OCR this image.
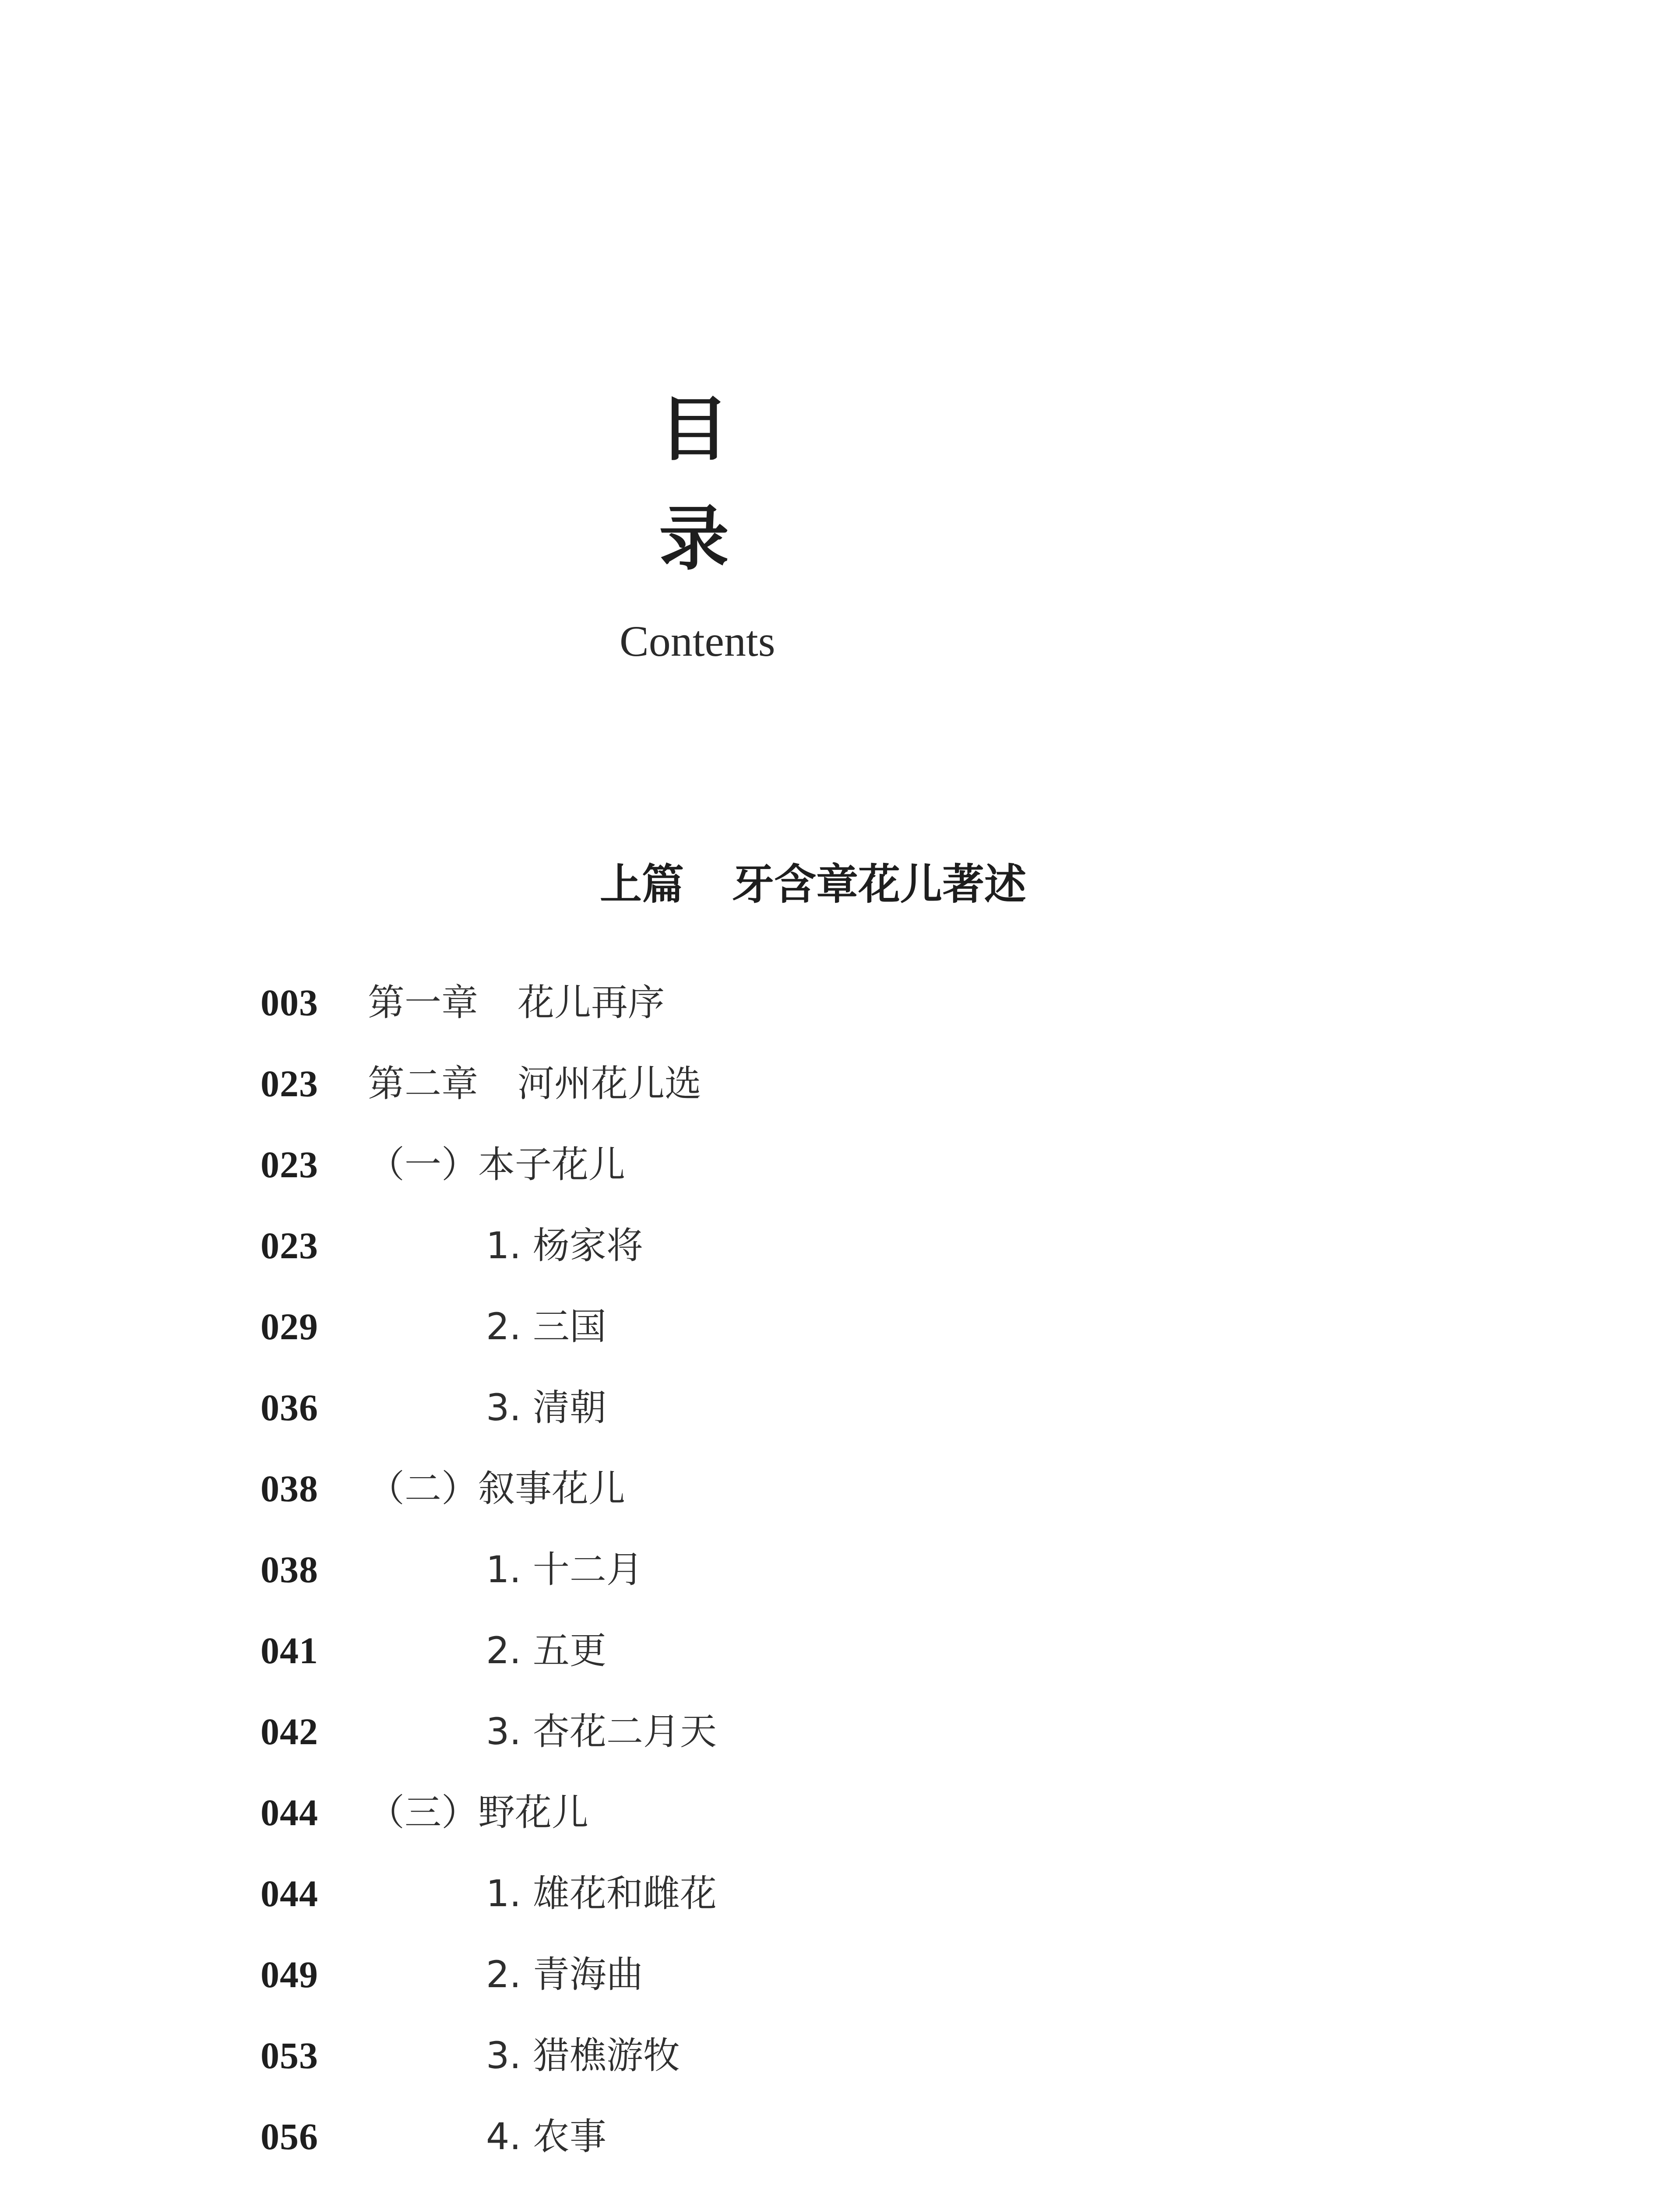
目
录
Contents
上篇 牙含章花儿著述
003 第一章 花儿再序
023 第二章 河州花儿选
023 （一）本子花儿
023	1. 杨家将
029	2. 三国
036	3. 清朝
038 （二）叙事花儿
038	1. 十二月
041	2. 五更
042	3. 杏花二月天
044 （三）野花儿
044	1. 雄花和雌花
049	2. 青海曲
053	3. 猎樵游牧
056	4. 农事
